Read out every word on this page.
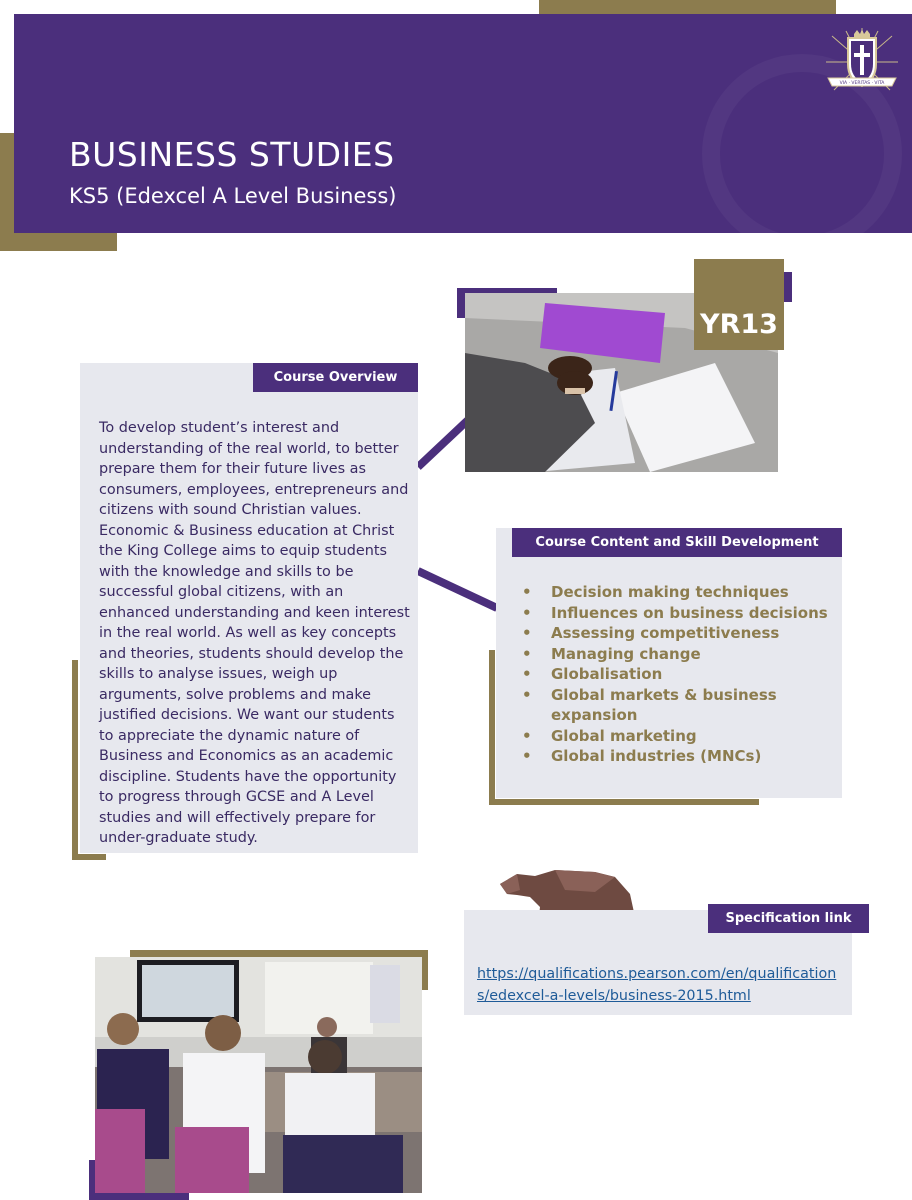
BUSINESS STUDIES
KS5 (Edexcel A Level Business)
VIA · VERITAS · VITA
Course Overview
To develop student’s interest and understanding of the real world, to better prepare them for their future lives as consumers, employees, entrepreneurs and citizens with sound Christian values. Economic & Business education at Christ the King College aims to equip students with the knowledge and skills to be successful global citizens, with an enhanced understanding and keen interest in the real world. As well as key concepts and theories, students should develop the skills to analyse issues, weigh up arguments, solve problems and make justified decisions. We want our students to appreciate the dynamic nature of Business and Economics as an academic discipline. Students have the opportunity to progress through GCSE and A Level studies and will effectively prepare for under-graduate study.
YR13
Course Content and Skill Development
• Decision making techniques
• Influences on business decisions
• Assessing competitiveness
• Managing change
• Globalisation
• Global markets & business expansion
• Global marketing
• Global industries (MNCs)
Specification link
https://qualifications.pearson.com/en/qualifications/edexcel-a-levels/business-2015.html
